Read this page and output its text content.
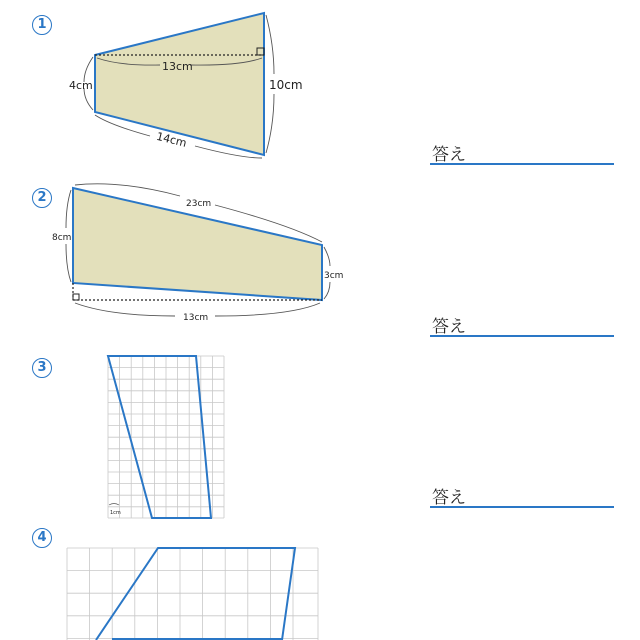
1
2
3
4
答え
答え
答え
13cm
4cm	10cm
14cm
23cm
8cm
3cm
13cm
1cm
